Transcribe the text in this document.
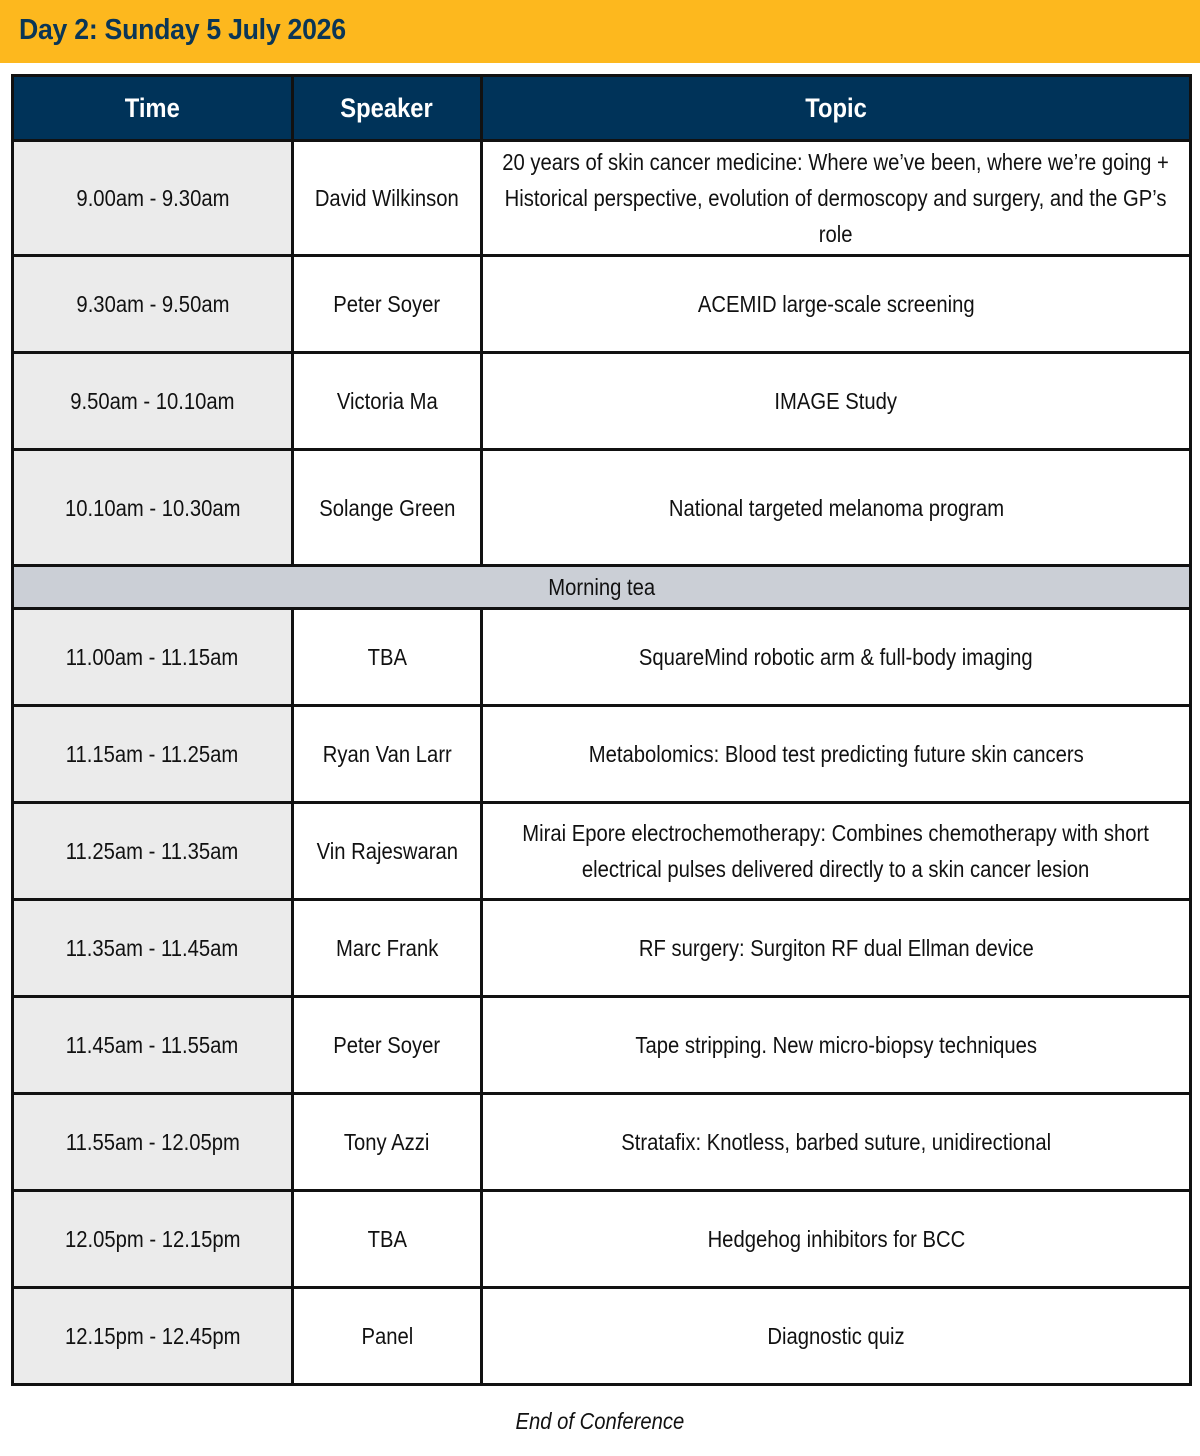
Day 2: Sunday 5 July 2026
Time	Speaker	Topic
9.00am - 9.30am	David Wilkinson	20 years of skin cancer medicine: Where we’ve been, where we’re going + Historical perspective, evolution of dermoscopy and surgery, and the GP’s role
9.30am - 9.50am	Peter Soyer	ACEMID large-scale screening
9.50am - 10.10am	Victoria Ma	IMAGE Study
10.10am - 10.30am	Solange Green	National targeted melanoma program
Morning tea		
11.00am - 11.15am	TBA	SquareMind robotic arm & full-body imaging
11.15am - 11.25am	Ryan Van Larr	Metabolomics: Blood test predicting future skin cancers
11.25am - 11.35am	Vin Rajeswaran	Mirai Epore electrochemotherapy: Combines chemotherapy with short electrical pulses delivered directly to a skin cancer lesion
11.35am - 11.45am	Marc Frank	RF surgery: Surgiton RF dual Ellman device
11.45am - 11.55am	Peter Soyer	Tape stripping. New micro-biopsy techniques
11.55am - 12.05pm	Tony Azzi	Stratafix: Knotless, barbed suture, unidirectional
12.05pm - 12.15pm	TBA	Hedgehog inhibitors for BCC
12.15pm - 12.45pm	Panel	Diagnostic quiz
End of Conference
